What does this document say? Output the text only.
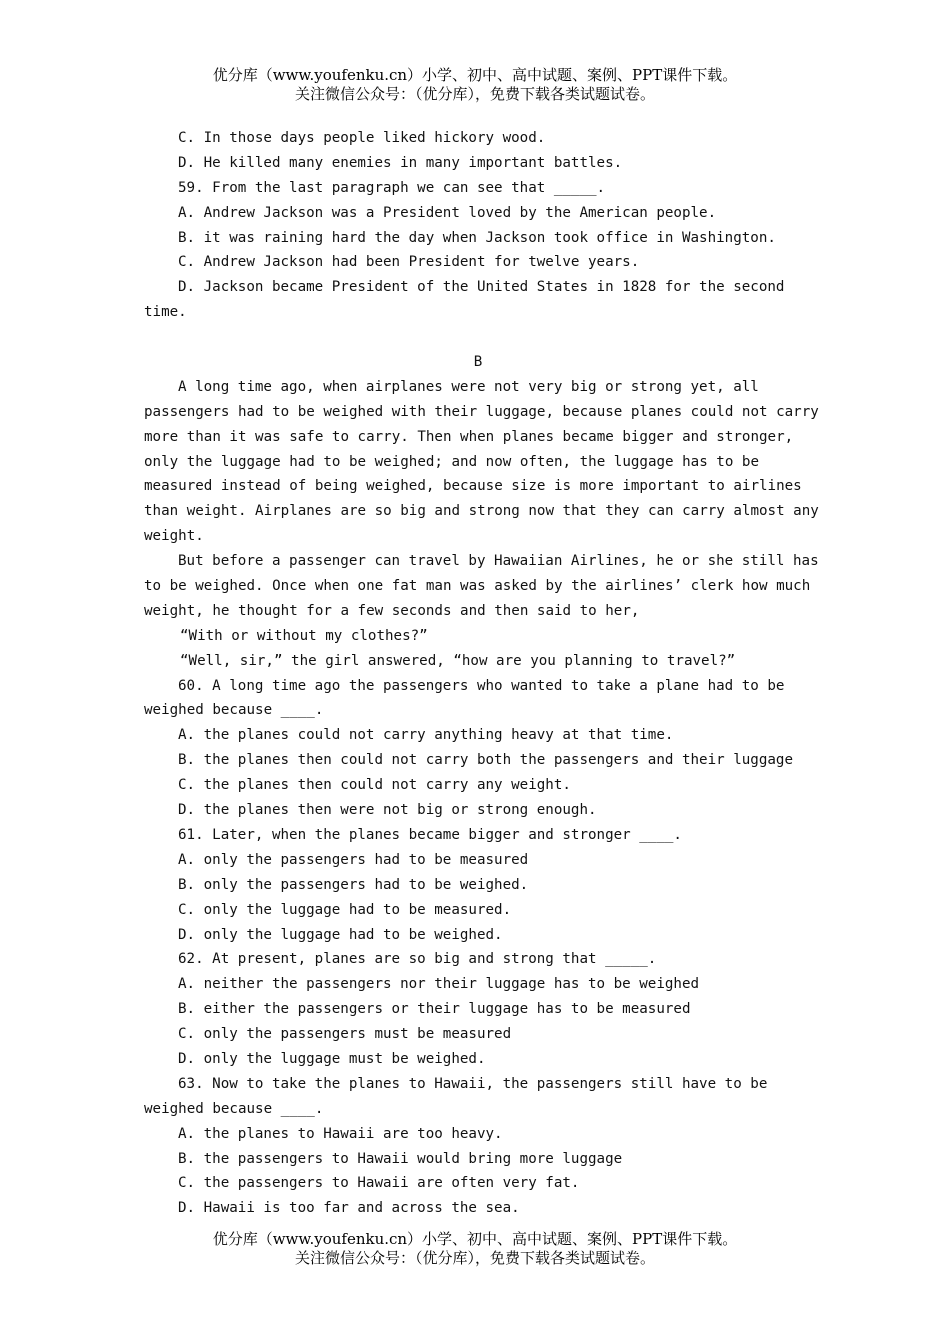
优分库（www.youfenku.cn）小学、初中、高中试题、案例、PPT课件下载。
关注微信公众号：（优分库），免费下载各类试题试卷。
C. In those days people liked hickory wood.
D. He killed many enemies in many important battles.
59. From the last paragraph we can see that _____.
A. Andrew Jackson was a President loved by the American people.
B. it was raining hard the day when Jackson took office in Washington.
C. Andrew Jackson had been President for twelve years.
D. Jackson became President of the United States in 1828 for the second
time.
B
A long time ago, when airplanes were not very big or strong yet, all
passengers had to be weighed with their luggage, because planes could not carry
more than it was safe to carry. Then when planes became bigger and stronger,
only the luggage had to be weighed; and now often, the luggage has to be
measured instead of being weighed, because size is more important to airlines
than weight. Airplanes are so big and strong now that they can carry almost any
weight.
But before a passenger can travel by Hawaiian Airlines, he or she still has
to be weighed. Once when one fat man was asked by the airlines’ clerk how much
weight, he thought for a few seconds and then said to her,
“With or without my clothes?”
“Well, sir,” the girl answered, “how are you planning to travel?”
60. A long time ago the passengers who wanted to take a plane had to be
weighed because ____.
A. the planes could not carry anything heavy at that time.
B. the planes then could not carry both the passengers and their luggage
C. the planes then could not carry any weight.
D. the planes then were not big or strong enough.
61. Later, when the planes became bigger and stronger ____.
A. only the passengers had to be measured
B. only the passengers had to be weighed.
C. only the luggage had to be measured.
D. only the luggage had to be weighed.
62. At present, planes are so big and strong that _____.
A. neither the passengers nor their luggage has to be weighed
B. either the passengers or their luggage has to be measured
C. only the passengers must be measured
D. only the luggage must be weighed.
63. Now to take the planes to Hawaii, the passengers still have to be
weighed because ____.
A. the planes to Hawaii are too heavy.
B. the passengers to Hawaii would bring more luggage
C. the passengers to Hawaii are often very fat.
D. Hawaii is too far and across the sea.
优分库（www.youfenku.cn）小学、初中、高中试题、案例、PPT课件下载。
关注微信公众号：（优分库），免费下载各类试题试卷。
